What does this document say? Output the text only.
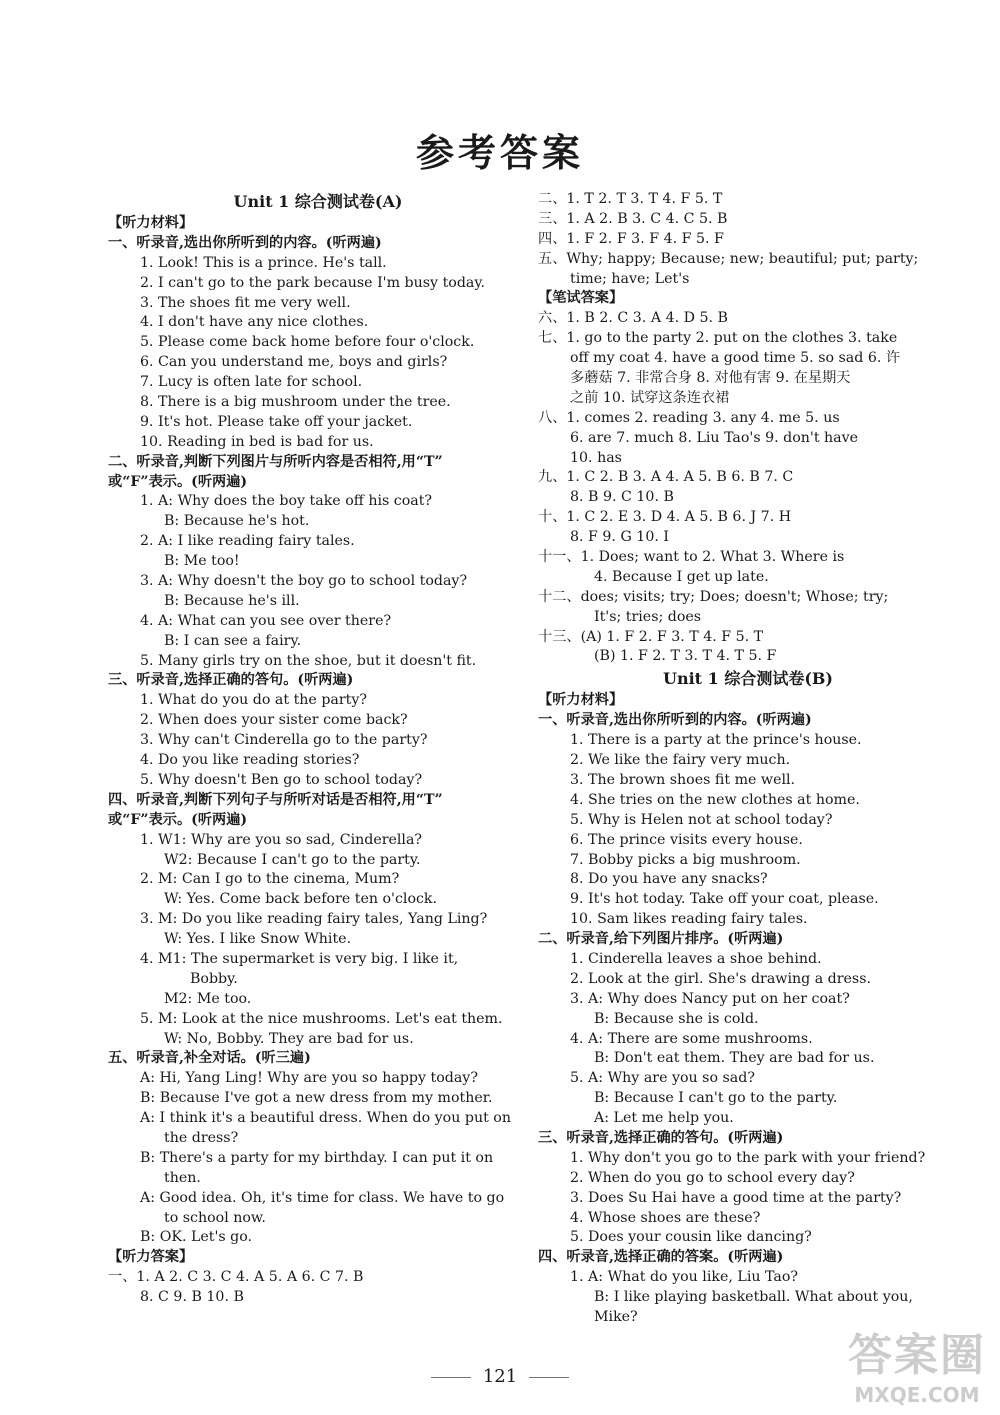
参考答案
Unit 1 综合测试卷(A)
【听力材料】
一、听录音,选出你所听到的内容。(听两遍)
1. Look! This is a prince. He's tall.
2. I can't go to the park because I'm busy today.
3. The shoes fit me very well.
4. I don't have any nice clothes.
5. Please come back home before four o'clock.
6. Can you understand me, boys and girls?
7. Lucy is often late for school.
8. There is a big mushroom under the tree.
9. It's hot. Please take off your jacket.
10. Reading in bed is bad for us.
二、听录音,判断下列图片与所听内容是否相符,用“T”
或“F”表示。(听两遍)
1. A: Why does the boy take off his coat?
B: Because he's hot.
2. A: I like reading fairy tales.
B: Me too!
3. A: Why doesn't the boy go to school today?
B: Because he's ill.
4. A: What can you see over there?
B: I can see a fairy.
5. Many girls try on the shoe, but it doesn't fit.
三、听录音,选择正确的答句。(听两遍)
1. What do you do at the party?
2. When does your sister come back?
3. Why can't Cinderella go to the party?
4. Do you like reading stories?
5. Why doesn't Ben go to school today?
四、听录音,判断下列句子与所听对话是否相符,用“T”
或“F”表示。(听两遍)
1. W1: Why are you so sad, Cinderella?
W2: Because I can't go to the party.
2. M: Can I go to the cinema, Mum?
W: Yes. Come back before ten o'clock.
3. M: Do you like reading fairy tales, Yang Ling?
W: Yes. I like Snow White.
4. M1: The supermarket is very big. I like it,
Bobby.
M2: Me too.
5. M: Look at the nice mushrooms. Let's eat them.
W: No, Bobby. They are bad for us.
五、听录音,补全对话。(听三遍)
A: Hi, Yang Ling! Why are you so happy today?
B: Because I've got a new dress from my mother.
A: I think it's a beautiful dress. When do you put on
the dress?
B: There's a party for my birthday. I can put it on
then.
A: Good idea. Oh, it's time for class. We have to go
to school now.
B: OK. Let's go.
【听力答案】
一、1. A 2. C 3. C 4. A 5. A 6. C 7. B
8. C 9. B 10. B
二、1. T 2. T 3. T 4. F 5. T
三、1. A 2. B 3. C 4. C 5. B
四、1. F 2. F 3. F 4. F 5. F
五、Why; happy; Because; new; beautiful; put; party;
time; have; Let's
【笔试答案】
六、1. B 2. C 3. A 4. D 5. B
七、1. go to the party 2. put on the clothes 3. take
off my coat 4. have a good time 5. so sad 6. 许
多蘑菇 7. 非常合身 8. 对他有害 9. 在星期天
之前 10. 试穿这条连衣裙
八、1. comes 2. reading 3. any 4. me 5. us
6. are 7. much 8. Liu Tao's 9. don't have
10. has
九、1. C 2. B 3. A 4. A 5. B 6. B 7. C
8. B 9. C 10. B
十、1. C 2. E 3. D 4. A 5. B 6. J 7. H
8. F 9. G 10. I
十一、1. Does; want to 2. What 3. Where is
4. Because I get up late.
十二、does; visits; try; Does; doesn't; Whose; try;
It's; tries; does
十三、(A) 1. F 2. F 3. T 4. F 5. T
(B) 1. F 2. T 3. T 4. T 5. F
Unit 1 综合测试卷(B)
【听力材料】
一、听录音,选出你所听到的内容。(听两遍)
1. There is a party at the prince's house.
2. We like the fairy very much.
3. The brown shoes fit me well.
4. She tries on the new clothes at home.
5. Why is Helen not at school today?
6. The prince visits every house.
7. Bobby picks a big mushroom.
8. Do you have any snacks?
9. It's hot today. Take off your coat, please.
10. Sam likes reading fairy tales.
二、听录音,给下列图片排序。(听两遍)
1. Cinderella leaves a shoe behind.
2. Look at the girl. She's drawing a dress.
3. A: Why does Nancy put on her coat?
B: Because she is cold.
4. A: There are some mushrooms.
B: Don't eat them. They are bad for us.
5. A: Why are you so sad?
B: Because I can't go to the party.
A: Let me help you.
三、听录音,选择正确的答句。(听两遍)
1. Why don't you go to the park with your friend?
2. When do you go to school every day?
3. Does Su Hai have a good time at the party?
4. Whose shoes are these?
5. Does your cousin like dancing?
四、听录音,选择正确的答案。(听两遍)
1. A: What do you like, Liu Tao?
B: I like playing basketball. What about you,
Mike?
121	答案圈
MXQE.COM
